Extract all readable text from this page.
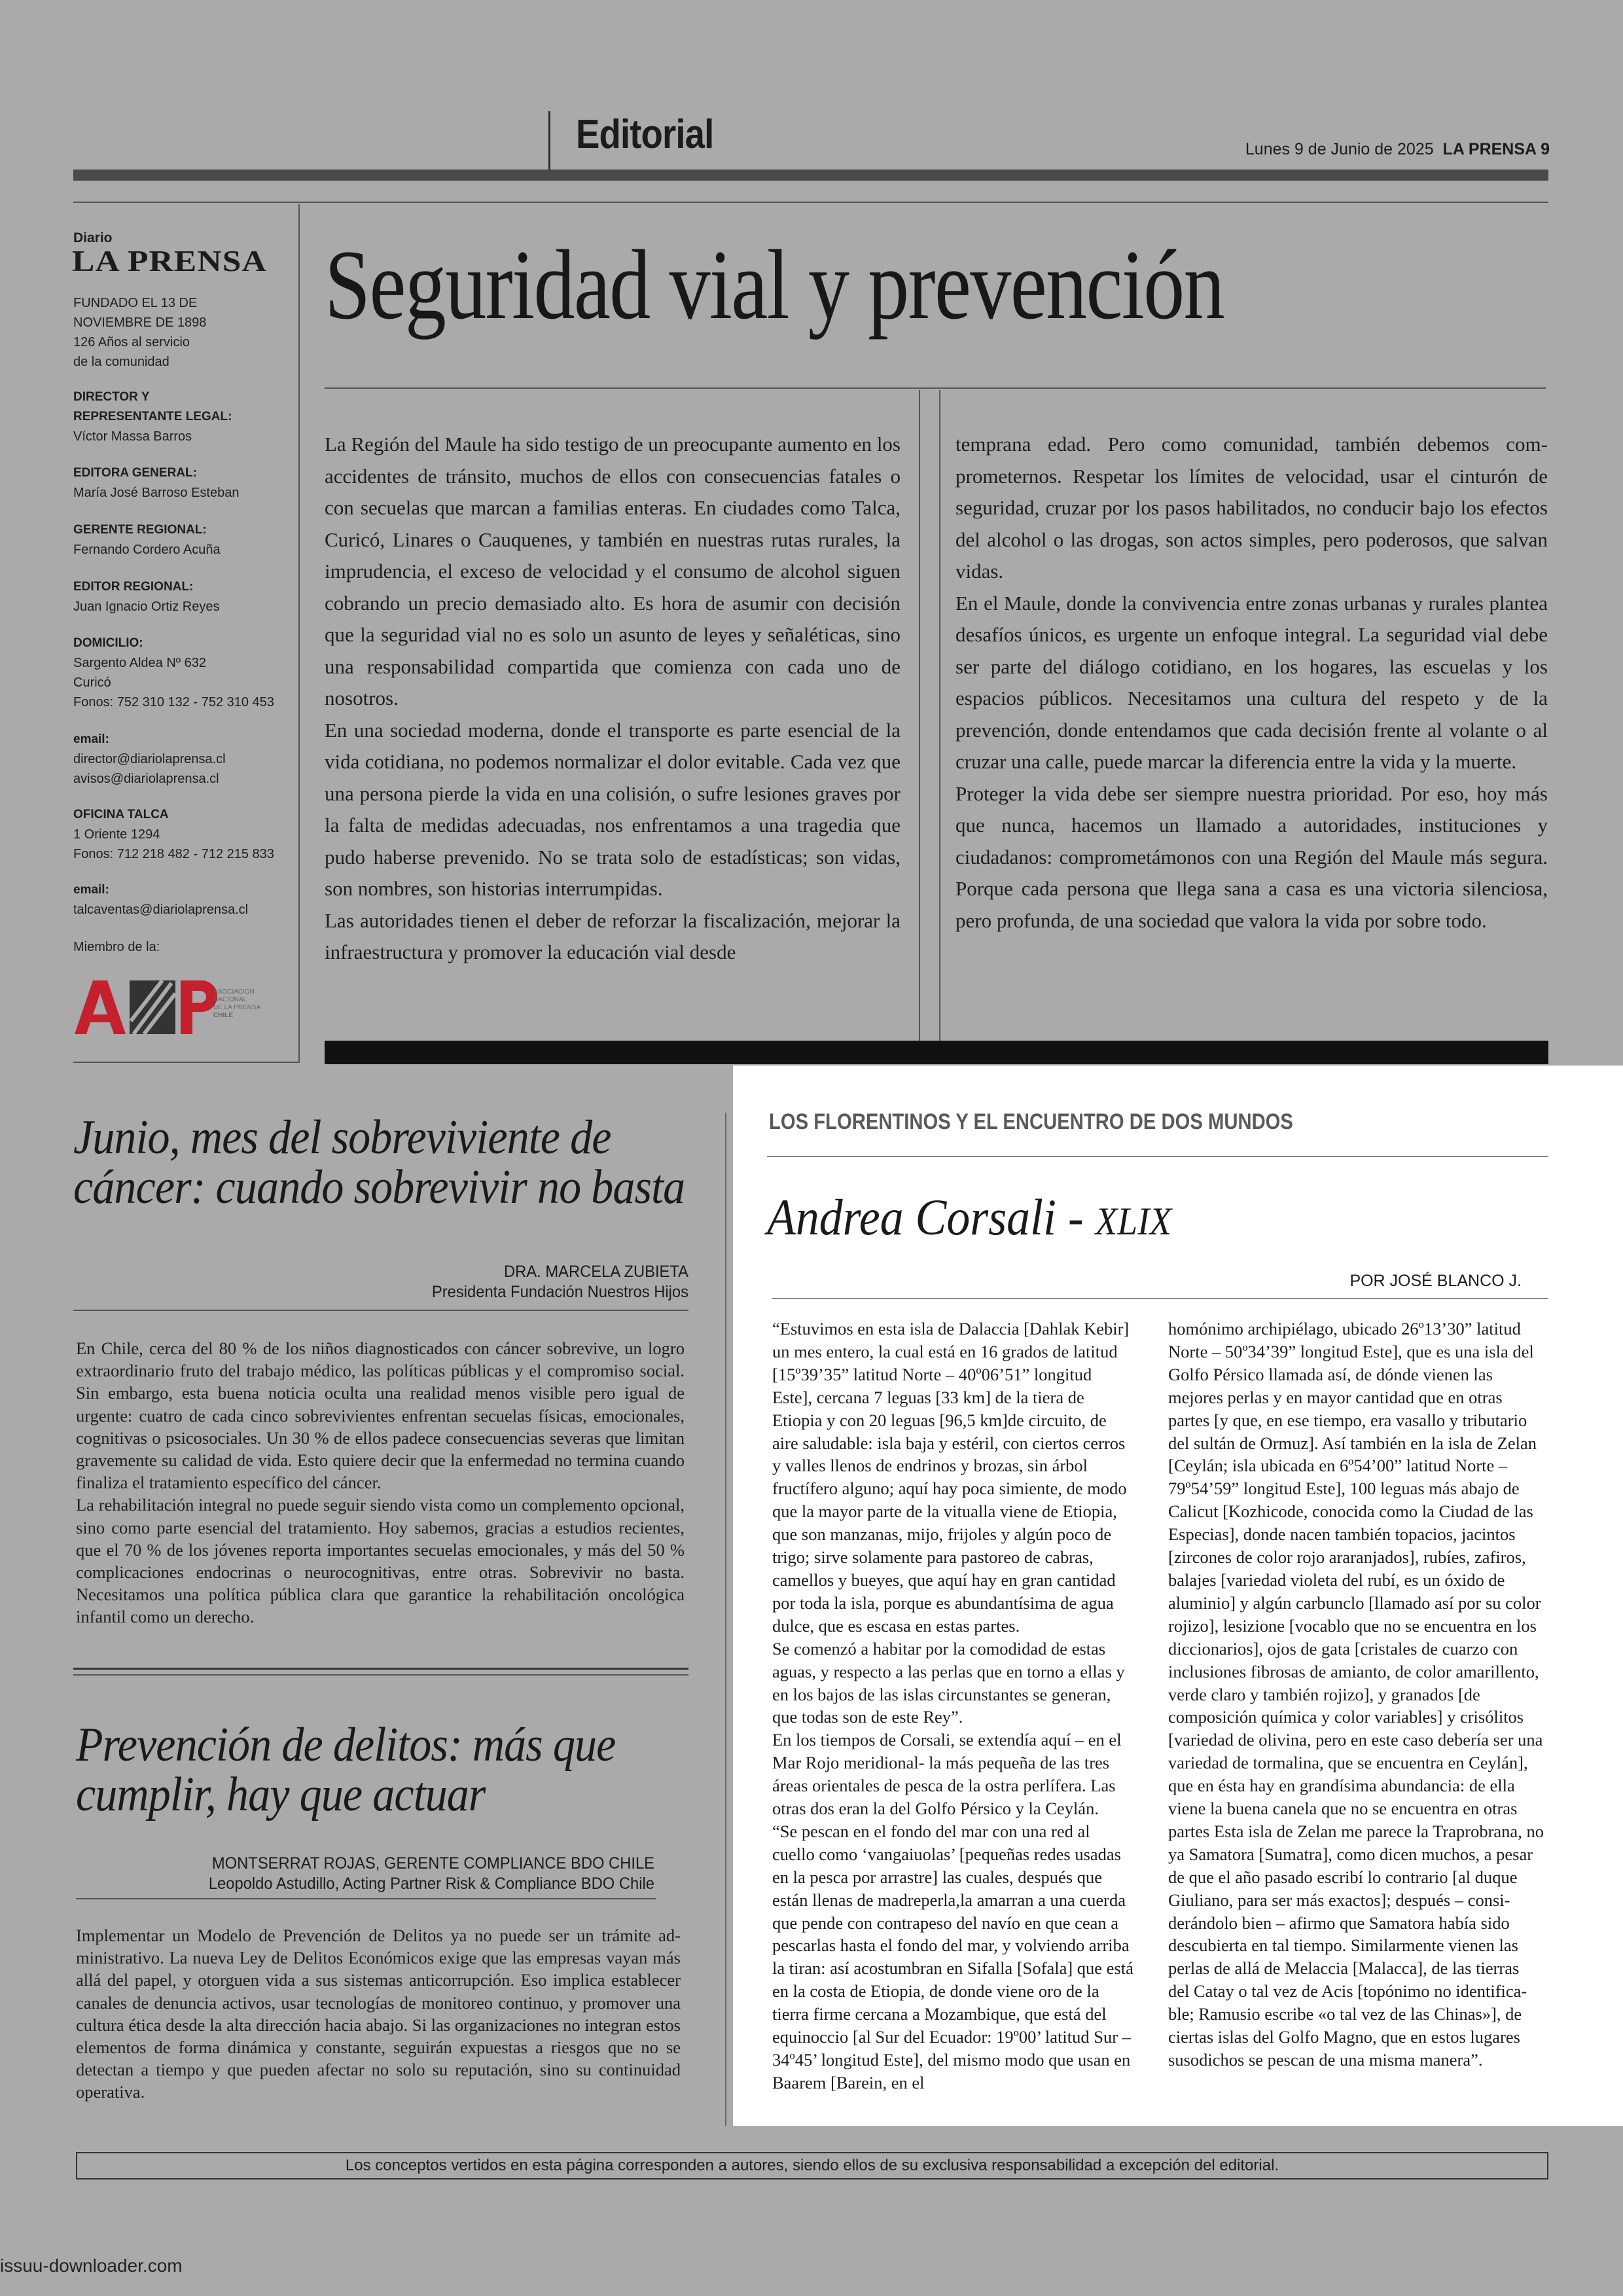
Editorial	Lunes 9 de Junio de 2025 LA PRENSA 9
Diario
LA PRENSA
FUNDADO EL 13 DE
NOVIEMBRE DE 1898
126 Años al servicio
de la comunidad
DIRECTOR Y
REPRESENTANTE LEGAL:
Víctor Massa Barros
EDITORA GENERAL:
María José Barroso Esteban
GERENTE REGIONAL:
Fernando Cordero Acuña
EDITOR REGIONAL:
Juan Ignacio Ortiz Reyes
DOMICILIO:
Sargento Aldea Nº 632
Curicó
Fonos: 752 310 132 - 752 310 453
email:
director@diariolaprensa.cl
avisos@diariolaprensa.cl
OFICINA TALCA
1 Oriente 1294
Fonos: 712 218 482 - 712 215 833
email:
talcaventas@diariolaprensa.cl
Miembro de la:
ANP
ASOCIACIÓN
NACIONAL
DE LA PRENSA
CHILE
Seguridad vial y prevención

La Región del Maule ha sido testigo de un preocupante aumento en los accidentes de tránsito, muchos de ellos con consecuencias fatales o con secuelas que marcan a familias enteras. En ciudades como Talca, Curicó, Linares o Cauquenes, y también en nuestras rutas rurales, la imprudencia, el exceso de velocidad y el consumo de alcohol siguen cobrando un precio demasiado alto. Es hora de asumir con decisión que la seguridad vial no es solo un asunto de leyes y señaléticas, sino una responsabilidad compartida que comienza con cada uno de nosotros.

En una sociedad moderna, donde el transporte es parte esencial de la vida cotidiana, no podemos normalizar el dolor evitable. Cada vez que una persona pierde la vida en una colisión, o sufre lesiones graves por la falta de medidas adecuadas, nos enfrentamos a una tragedia que pudo haberse prevenido. No se trata solo de estadísticas; son vidas, son nombres, son historias interrumpidas.

Las autoridades tienen el deber de reforzar la fiscalización, mejorar la infraestructura y promover la educación vial desde

temprana edad. Pero como comunidad, también debemos comprometernos. Respetar los límites de velocidad, usar el cinturón de seguridad, cruzar por los pasos habilitados, no conducir bajo los efectos del alcohol o las drogas, son actos simples, pero poderosos, que salvan vidas.

En el Maule, donde la convivencia entre zonas urbanas y rurales plantea desafíos únicos, es urgente un enfoque integral. La seguridad vial debe ser parte del diálogo cotidiano, en los hogares, las escuelas y los espacios públicos. Necesitamos una cultura del respeto y de la prevención, donde entendamos que cada decisión frente al volante o al cruzar una calle, puede marcar la diferencia entre la vida y la muerte.

Proteger la vida debe ser siempre nuestra prioridad. Por eso, hoy más que nunca, hacemos un llamado a autoridades, instituciones y ciudadanos: comprometámonos con una Región del Maule más segura. Porque cada persona que llega sana a casa es una victoria silenciosa, pero profunda, de una sociedad que valora la vida por sobre todo.

Junio, mes del sobreviviente de
cáncer: cuando sobrevivir no basta
DRA. MARCELA ZUBIETA
Presidenta Fundación Nuestros Hijos

En Chile, cerca del 80 % de los niños diagnosticados con cáncer sobrevive, un logro extraordinario fruto del trabajo médico, las políticas públicas y el compromiso social. Sin embargo, esta buena noticia oculta una realidad menos visible pero igual de urgente: cuatro de cada cinco sobrevivientes enfrentan secuelas físicas, emocionales, cognitivas o psicosociales. Un 30 % de ellos padece consecuencias severas que limitan gravemente su calidad de vida. Esto quiere decir que la enfermedad no termina cuando finaliza el tratamiento específico del cáncer.

La rehabilitación integral no puede seguir siendo vista como un complemento opcional, sino como parte esencial del tratamiento. Hoy sabemos, gracias a estudios recientes, que el 70 % de los jóvenes reporta importantes secuelas emocionales, y más del 50 % complicaciones endocrinas o neurocognitivas, entre otras. Sobrevivir no basta. Necesitamos una política pública clara que garantice la rehabilitación oncológica infantil como un derecho.

Prevención de delitos: más que
cumplir, hay que actuar
MONTSERRAT ROJAS, GERENTE COMPLIANCE BDO CHILE
Leopoldo Astudillo, Acting Partner Risk & Compliance BDO Chile

Implementar un Modelo de Prevención de Delitos ya no puede ser un trámite administrativo. La nueva Ley de Delitos Económicos exige que las empresas vayan más allá del papel, y otorguen vida a sus sistemas anticorrupción. Eso implica establecer canales de denuncia activos, usar tecnologías de monitoreo continuo, y promover una cultura ética desde la alta dirección hacia abajo. Si las organizaciones no integran estos elementos de forma dinámica y constante, seguirán expuestas a riesgos que no se detectan a tiempo y que pueden afectar no solo su reputación, sino su continuidad operativa.

LOS FLORENTINOS Y EL ENCUENTRO DE DOS MUNDOS
Andrea Corsali - XLIX
POR JOSÉ BLANCO J.

“Estuvimos en esta isla de Dalaccia [Dahlak Kebir] un mes entero, la cual está en 16 grados de latitud [15º39’35” latitud Norte – 40º06’51” longitud Este], cercana 7 leguas [33 km] de la tiera de Etiopia y con 20 leguas [96,5 km]de circuito, de aire saludable: isla baja y estéril, con ciertos cerros y valles llenos de endrinos y brozas, sin árbol fructífero alguno; aquí hay poca simiente, de modo que la mayor parte de la vitualla viene de Etiopia, que son manzanas, mijo, frijoles y algún poco de trigo; sirve solamente para pastoreo de cabras, camellos y bueyes, que aquí hay en gran cantidad por toda la isla, porque es abundantísima de agua dulce, que es escasa en estas partes.

Se comenzó a habitar por la comodidad de estas aguas, y respecto a las perlas que en torno a ellas y en los bajos de las islas circunstantes se generan, que todas son de este Rey”.

En los tiempos de Corsali, se extendía aquí – en el Mar Rojo meridional- la más pequeña de las tres áreas orientales de pesca de la ostra perlífera. Las otras dos eran la del Golfo Pérsico y la Ceylán.

“Se pescan en el fondo del mar con una red al cuello como ‘vangaiuolas’ [pequeñas redes usadas en la pesca por arrastre] las cuales, después que están llenas de madreperla,la amarran a una cuerda que pende con contrapeso del navío en que cean a pescarlas hasta el fondo del mar, y volviendo arriba la tiran: así acostumbran en Sifalla [Sofala] que está en la costa de Etiopia, de donde viene oro de la tierra firme cercana a Mozambique, que está del equinoccio [al Sur del Ecuador: 19º00’ latitud Sur – 34º45’ longitud Este], del mismo modo que usan en Baarem [Barein, en el

homónimo archipiélago, ubicado 26º13’30” latitud Norte – 50º34’39” longitud Este], que es una isla del Golfo Pérsico llamada así, de dónde vienen las mejores perlas y en mayor cantidad que en otras partes [y que, en ese tiempo, era vasallo y tributario del sultán de Ormuz]. Así también en la isla de Zelan [Ceylán; isla ubicada en 6º54’00” latitud Norte – 79º54’59” longitud Este], 100 leguas más abajo de Calicut [Kozhicode, conocida como la Ciudad de las Especias], donde nacen también topacios, jacintos [zircones de color rojo araranjados], rubíes, zafiros, balajes [variedad violeta del rubí, es un óxido de aluminio] y algún carbunclo [llamado así por su color rojizo], lesizione [vocablo que no se encuentra en los diccionarios], ojos de gata [cristales de cuarzo con inclusiones fibrosas de amianto, de color amarillento, verde claro y también rojizo], y granados [de composición química y color variables] y crisólitos [variedad de olivina, pero en este caso debería ser una variedad de tormalina, que se encuentra en Ceylán], que en ésta hay en grandísima abundancia: de ella viene la buena canela que no se encuentra en otras partes Esta isla de Zelan me parece la Traprobrana, no ya Samatora [Sumatra], como dicen muchos, a pesar de que el año pasado escribí lo contrario [al duque Giuliano, para ser más exactos]; después – considerándolo bien – afirmo que Samatora había sido descubierta en tal tiempo. Similarmente vienen las perlas de allá de Melaccia [Malacca], de las tierras del Catay o tal vez de Acis [topónimo no identificable; Ramusio escribe «o tal vez de las Chinas»], de ciertas islas del Golfo Magno, que en estos lugares susodichos se pescan de una misma manera”.

Los conceptos vertidos en esta página corresponden a autores, siendo ellos de su exclusiva responsabilidad a excepción del editorial.
issuu-downloader.com
